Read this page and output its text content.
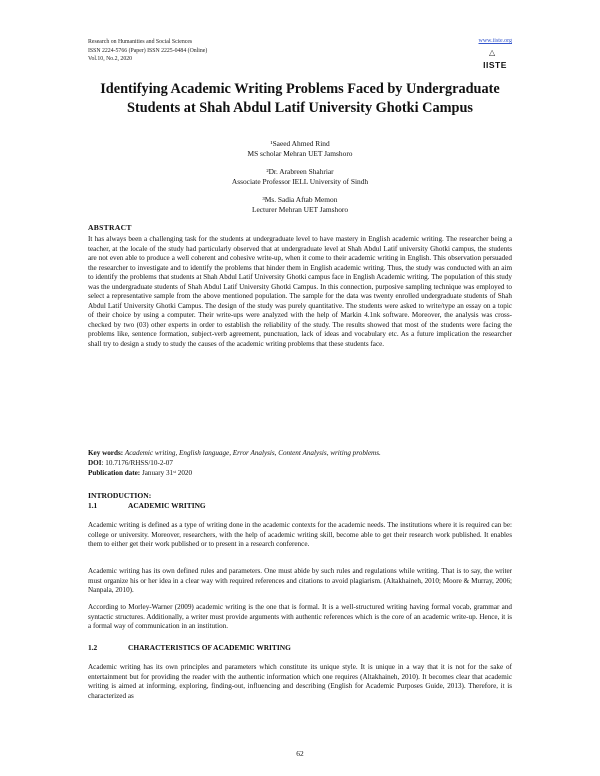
Research on Humanities and Social Sciences
ISSN 2224-5766 (Paper) ISSN 2225-0484 (Online)
Vol.10, No.2, 2020
www.iiste.org
△
IISTE
Identifying Academic Writing Problems Faced by Undergraduate Students at Shah Abdul Latif University Ghotki Campus
¹Saeed Ahmed Rind
MS scholar Mehran UET Jamshoro
²Dr. Arabreen Shahriar
Associate Professor IELL University of Sindh
³Ms. Sadia Aftab Memon
Lecturer Mehran UET Jamshoro
ABSTRACT
It has always been a challenging task for the students at undergraduate level to have mastery in English academic writing. The researcher being a teacher, at the locale of the study had particularly observed that at undergraduate level at Shah Abdul Latif university Ghotki campus, the students are not even able to produce a well coherent and cohesive write-up, when it come to their academic writing in English. This observation persuaded the researcher to investigate and to identify the problems that hinder them in English academic writing. Thus, the study was conducted with an aim to identify the problems that students at Shah Abdul Latif University Ghotki campus face in English Academic writing. The population of this study was the undergraduate students of Shah Abdul Latif University Ghotki Campus. In this connection, purposive sampling technique was employed to select a representative sample from the above mentioned population. The sample for the data was twenty enrolled undergraduate students of Shah Abdul Latif University Ghotki Campus. The design of the study was purely quantitative. The students were asked to write/type an essay on a topic of their choice by using a computer. Their write-ups were analyzed with the help of Markin 4.1nk software. Moreover, the analysis was cross-checked by two (03) other experts in order to establish the reliability of the study. The results showed that most of the students were facing the problems like, sentence formation, subject-verb agreement, punctuation, lack of ideas and vocabulary etc. As a future implication the researcher shall try to design a study to study the causes of the academic writing problems that these students face.
Key words: Academic writing, English language, Error Analysis, Content Analysis, writing problems.
DOI: 10.7176/RHSS/10-2-07
Publication date: January 31ˢᵗ 2020
INTRODUCTION:
1.1	ACADEMIC WRITING
Academic writing is defined as a type of writing done in the academic contexts for the academic needs. The institutions where it is required can be: college or university. Moreover, researchers, with the help of academic writing skill, become able to get their research work published. It enables them to either get their work published or to present in a research conference.
Academic writing has its own defined rules and parameters. One must abide by such rules and regulations while writing. That is to say, the writer must organize his or her idea in a clear way with required references and citations to avoid plagiarism. (Altakhaineh, 2010; Moore & Murray, 2006; Nanpala, 2010).
According to Morley-Warner (2009) academic writing is the one that is formal. It is a well-structured writing having formal vocab, grammar and syntactic structures. Additionally, a writer must provide arguments with authentic references which is the core of an academic write-up. Hence, it is a formal way of communication in an institution.
1.2	CHARACTERISTICS OF ACADEMIC WRITING
Academic writing has its own principles and parameters which constitute its unique style. It is unique in a way that it is not for the sake of entertainment but for providing the reader with the authentic information which one requires (Altakhaineh, 2010). It becomes clear that academic writing is aimed at informing, exploring, finding-out, influencing and describing (English for Academic Purposes Guide, 2013). Therefore, it is characterized as
62
